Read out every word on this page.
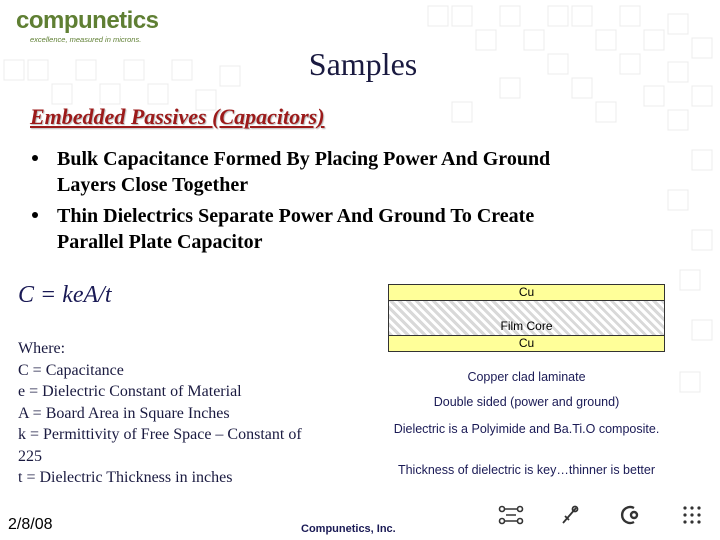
compunetics
excellence, measured in microns.
Samples
Embedded Passives (Capacitors)
Bulk Capacitance Formed By Placing Power And Ground
Layers Close Together
Thin Dielectrics Separate Power And Ground To Create
Parallel Plate Capacitor
C = keA/t
Where:
C = Capacitance
e = Dielectric Constant of Material
A = Board Area in Square Inches
k = Permittivity of Free Space – Constant of
225
t = Dielectric Thickness in inches
Cu
Film Core
Cu
Copper clad laminate
Double sided (power and ground)
Dielectric is a Polyimide and Ba.Ti.O composite.
Thickness of dielectric is key…thinner is better
2/8/08	Compunetics, Inc.
